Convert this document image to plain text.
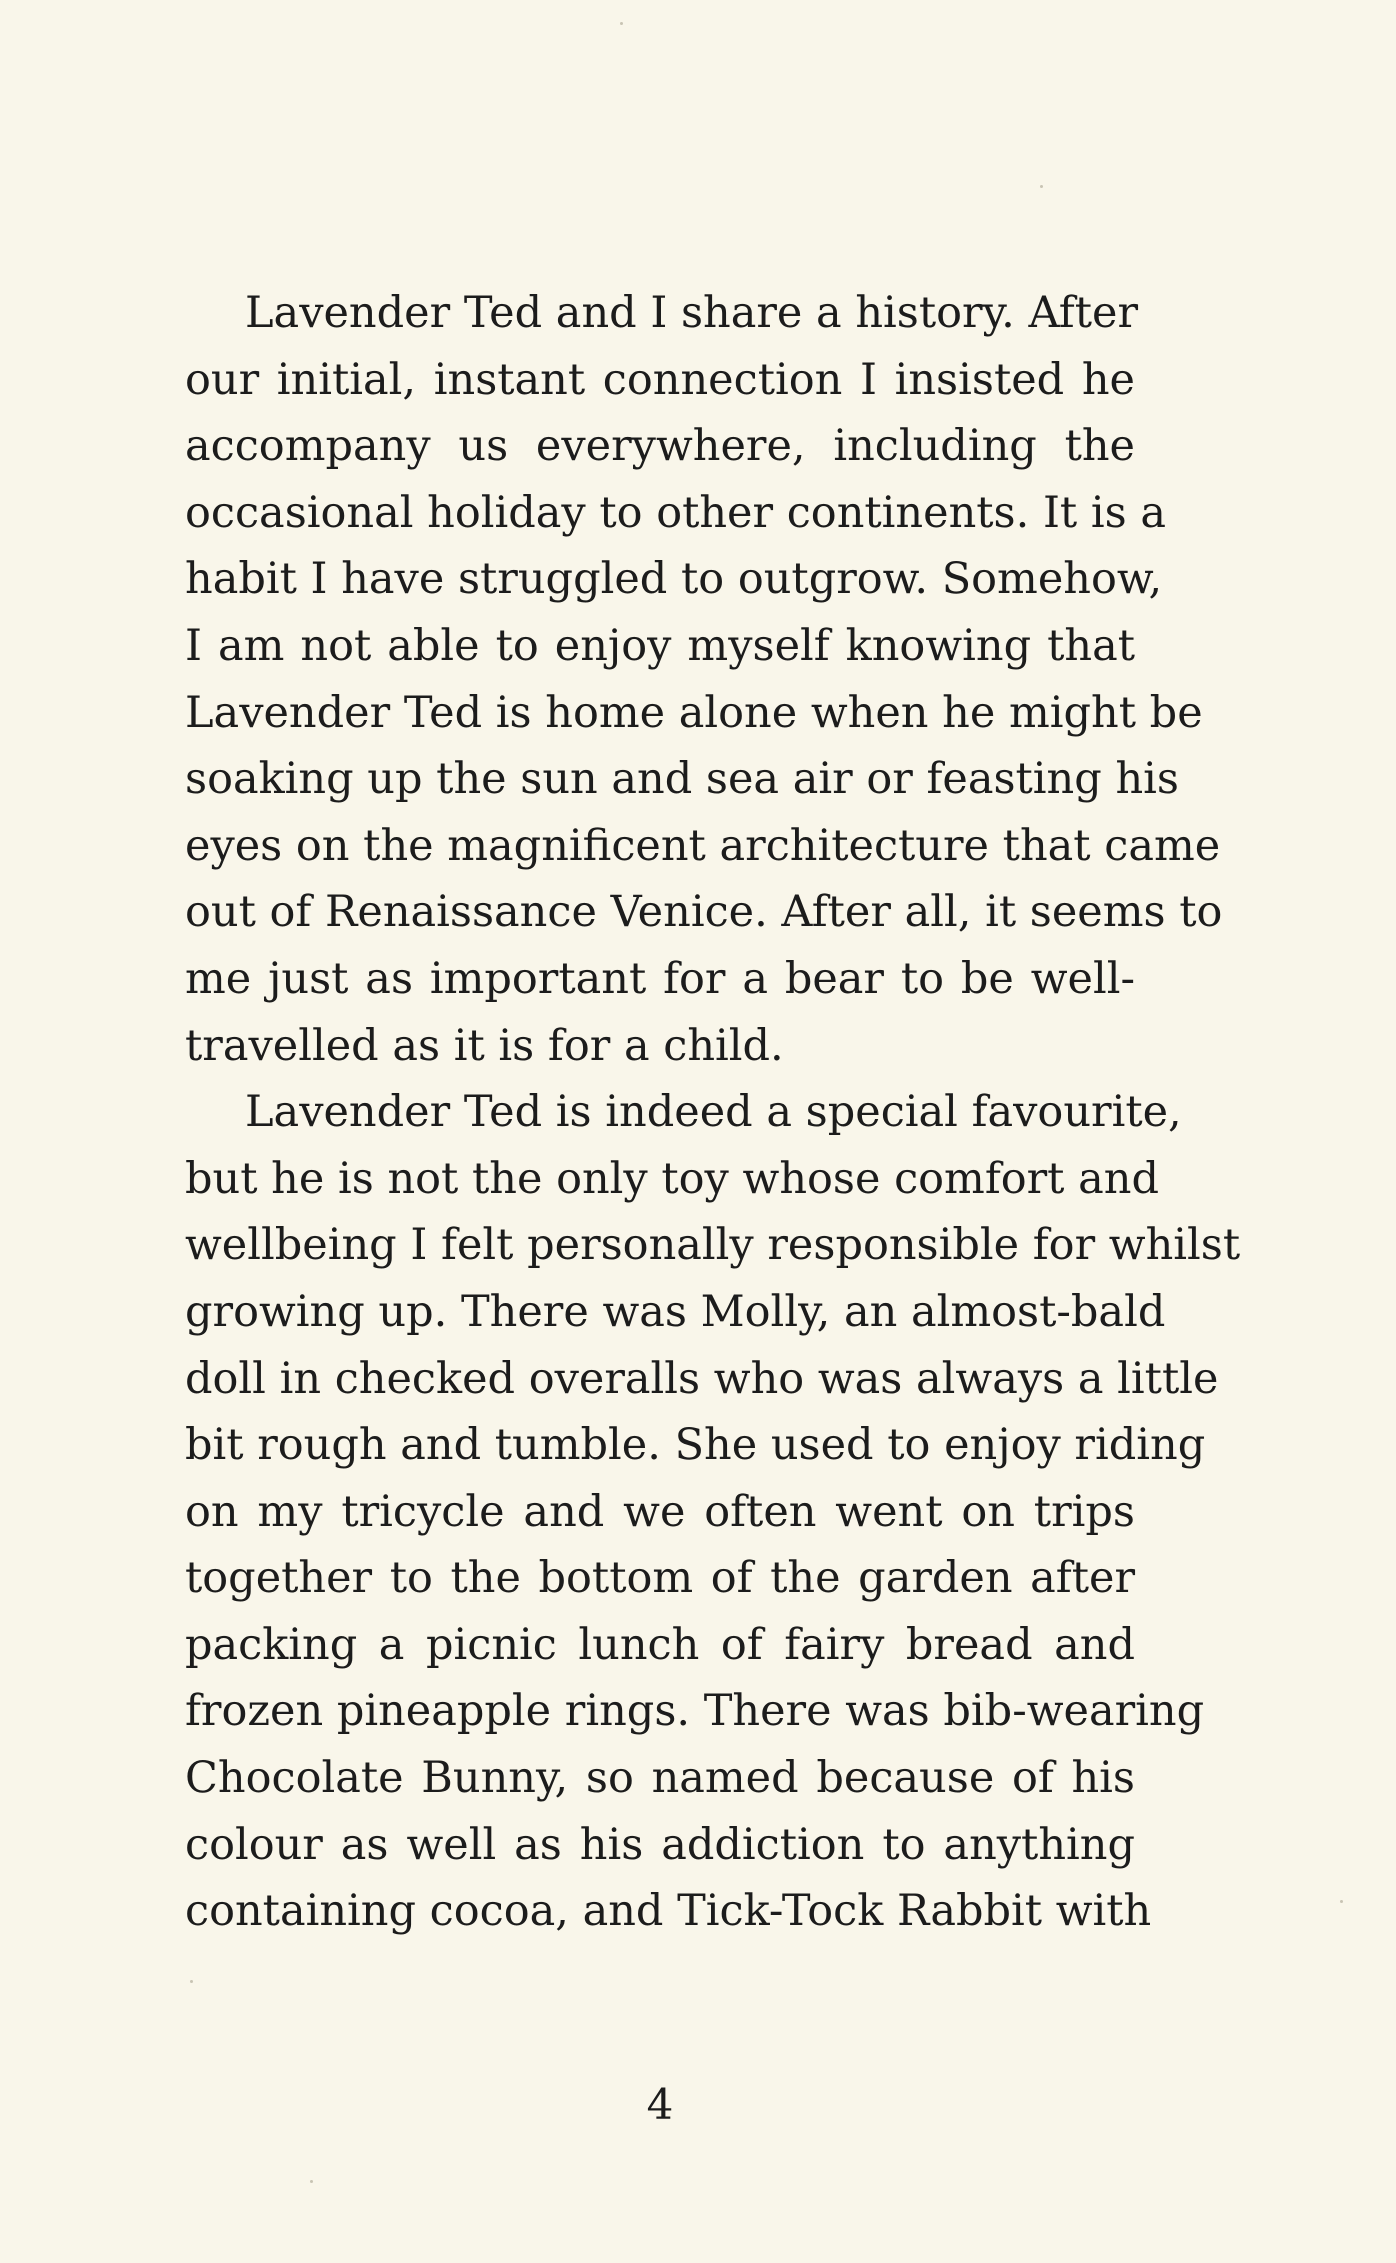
Lavender Ted and I share a history. After
our initial, instant connection I insisted he
accompany us everywhere, including the
occasional holiday to other continents. It is a
habit I have struggled to outgrow. Somehow,
I am not able to enjoy myself knowing that
Lavender Ted is home alone when he might be
soaking up the sun and sea air or feasting his
eyes on the magnificent architecture that came
out of Renaissance Venice. After all, it seems to
me just as important for a bear to be well-
travelled as it is for a child.
Lavender Ted is indeed a special favourite,
but he is not the only toy whose comfort and
wellbeing I felt personally responsible for whilst
growing up. There was Molly, an almost-bald
doll in checked overalls who was always a little
bit rough and tumble. She used to enjoy riding
on my tricycle and we often went on trips
together to the bottom of the garden after
packing a picnic lunch of fairy bread and
frozen pineapple rings. There was bib-wearing
Chocolate Bunny, so named because of his
colour as well as his addiction to anything
containing cocoa, and Tick-Tock Rabbit with
4
